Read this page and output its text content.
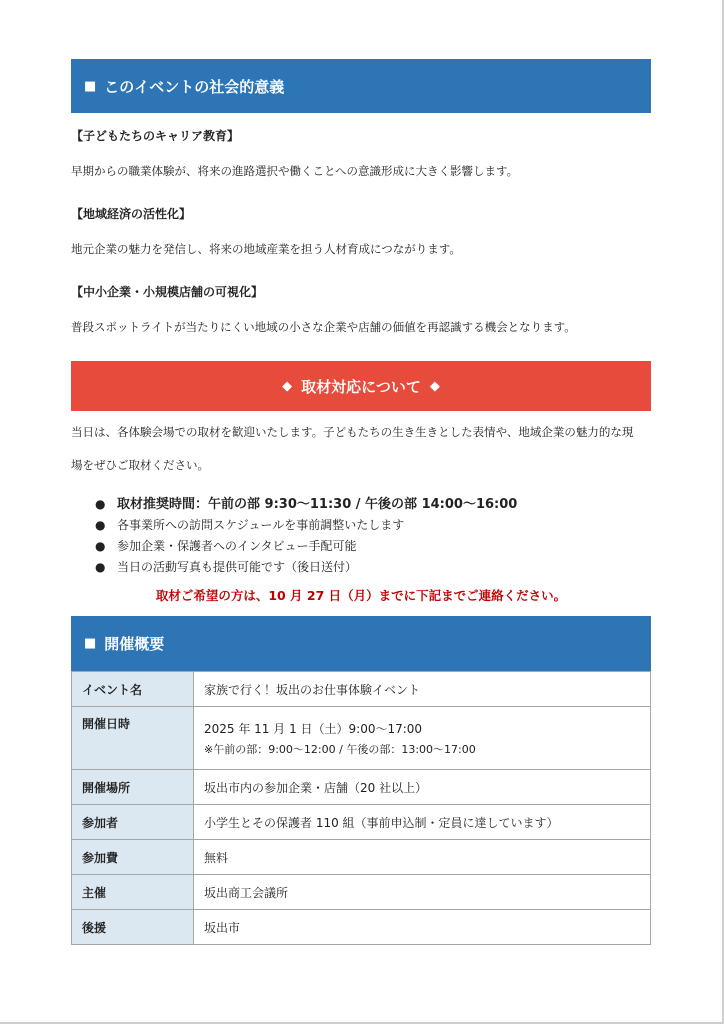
■ このイベントの社会的意義
【子どもたちのキャリア教育】
早期からの職業体験が、将来の進路選択や働くことへの意識形成に大きく影響します。
【地域経済の活性化】
地元企業の魅力を発信し、将来の地域産業を担う人材育成につながります。
【中小企業・小規模店舗の可視化】
普段スポットライトが当たりにくい地域の小さな企業や店舗の価値を再認識する機会となります。
◆ 取材対応について ◆
当日は、各体験会場での取材を歓迎いたします。子どもたちの生き生きとした表情や、地域企業の魅力的な現
場をぜひご取材ください。
● 取材推奨時間：午前の部 9:30〜11:30 / 午後の部 14:00〜16:00
● 各事業所への訪問スケジュールを事前調整いたします
● 参加企業・保護者へのインタビュー手配可能
● 当日の活動写真も提供可能です（後日送付）
取材ご希望の方は、10 月 27 日（月）までに下記までご連絡ください。
■ 開催概要
イベント名	家族で行く！坂出のお仕事体験イベント
開催日時	2025 年 11 月 1 日（土）9:00〜17:00
※午前の部：9:00〜12:00 / 午後の部：13:00〜17:00

開催場所	坂出市内の参加企業・店舗（20 社以上）
参加者	小学生とその保護者 110 組（事前申込制・定員に達しています）
参加費	無料
主催	坂出商工会議所
後援	坂出市
